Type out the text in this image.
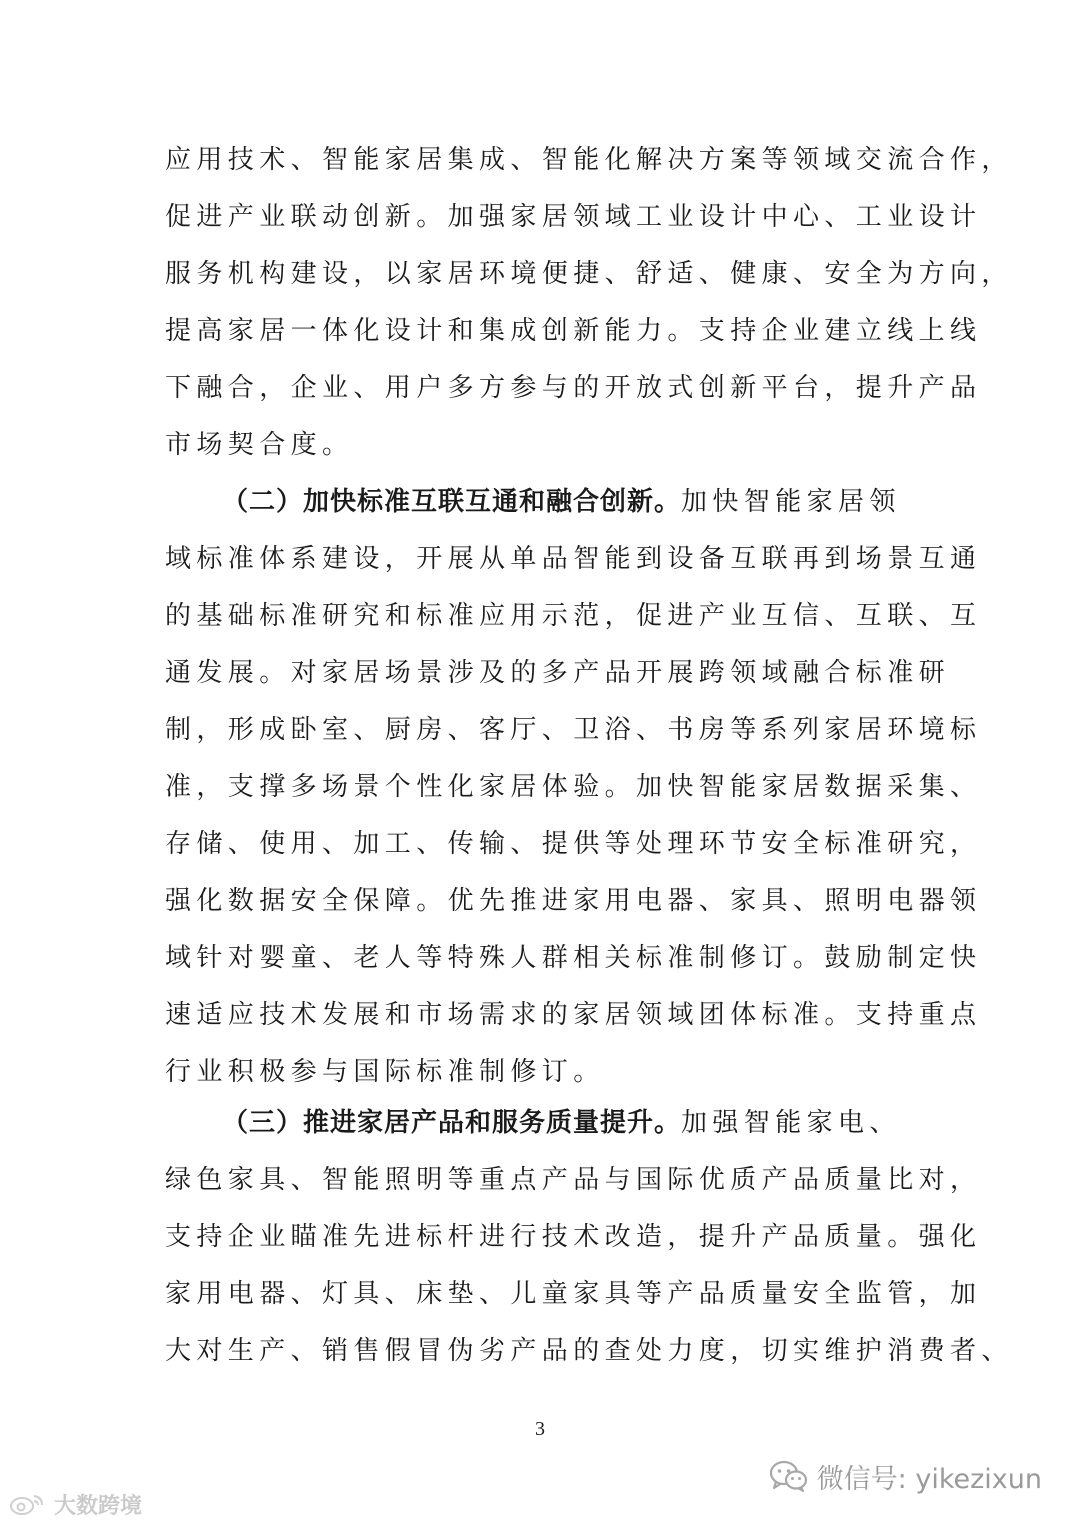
应用技术、智能家居集成、智能化解决方案等领域交流合作，
促进产业联动创新。加强家居领域工业设计中心、工业设计
服务机构建设，以家居环境便捷、舒适、健康、安全为方向，
提高家居一体化设计和集成创新能力。支持企业建立线上线
下融合，企业、用户多方参与的开放式创新平台，提升产品
市场契合度。
（二）加快标准互联互通和融合创新。加快智能家居领
域标准体系建设，开展从单品智能到设备互联再到场景互通
的基础标准研究和标准应用示范，促进产业互信、互联、互
通发展。对家居场景涉及的多产品开展跨领域融合标准研
制，形成卧室、厨房、客厅、卫浴、书房等系列家居环境标
准，支撑多场景个性化家居体验。加快智能家居数据采集、
存储、使用、加工、传输、提供等处理环节安全标准研究，
强化数据安全保障。优先推进家用电器、家具、照明电器领
域针对婴童、老人等特殊人群相关标准制修订。鼓励制定快
速适应技术发展和市场需求的家居领域团体标准。支持重点
行业积极参与国际标准制修订。
（三）推进家居产品和服务质量提升。加强智能家电、
绿色家具、智能照明等重点产品与国际优质产品质量比对，
支持企业瞄准先进标杆进行技术改造，提升产品质量。强化
家用电器、灯具、床垫、儿童家具等产品质量安全监管，加
大对生产、销售假冒伪劣产品的查处力度，切实维护消费者、
3
微信号: yikezixun
大数跨境
